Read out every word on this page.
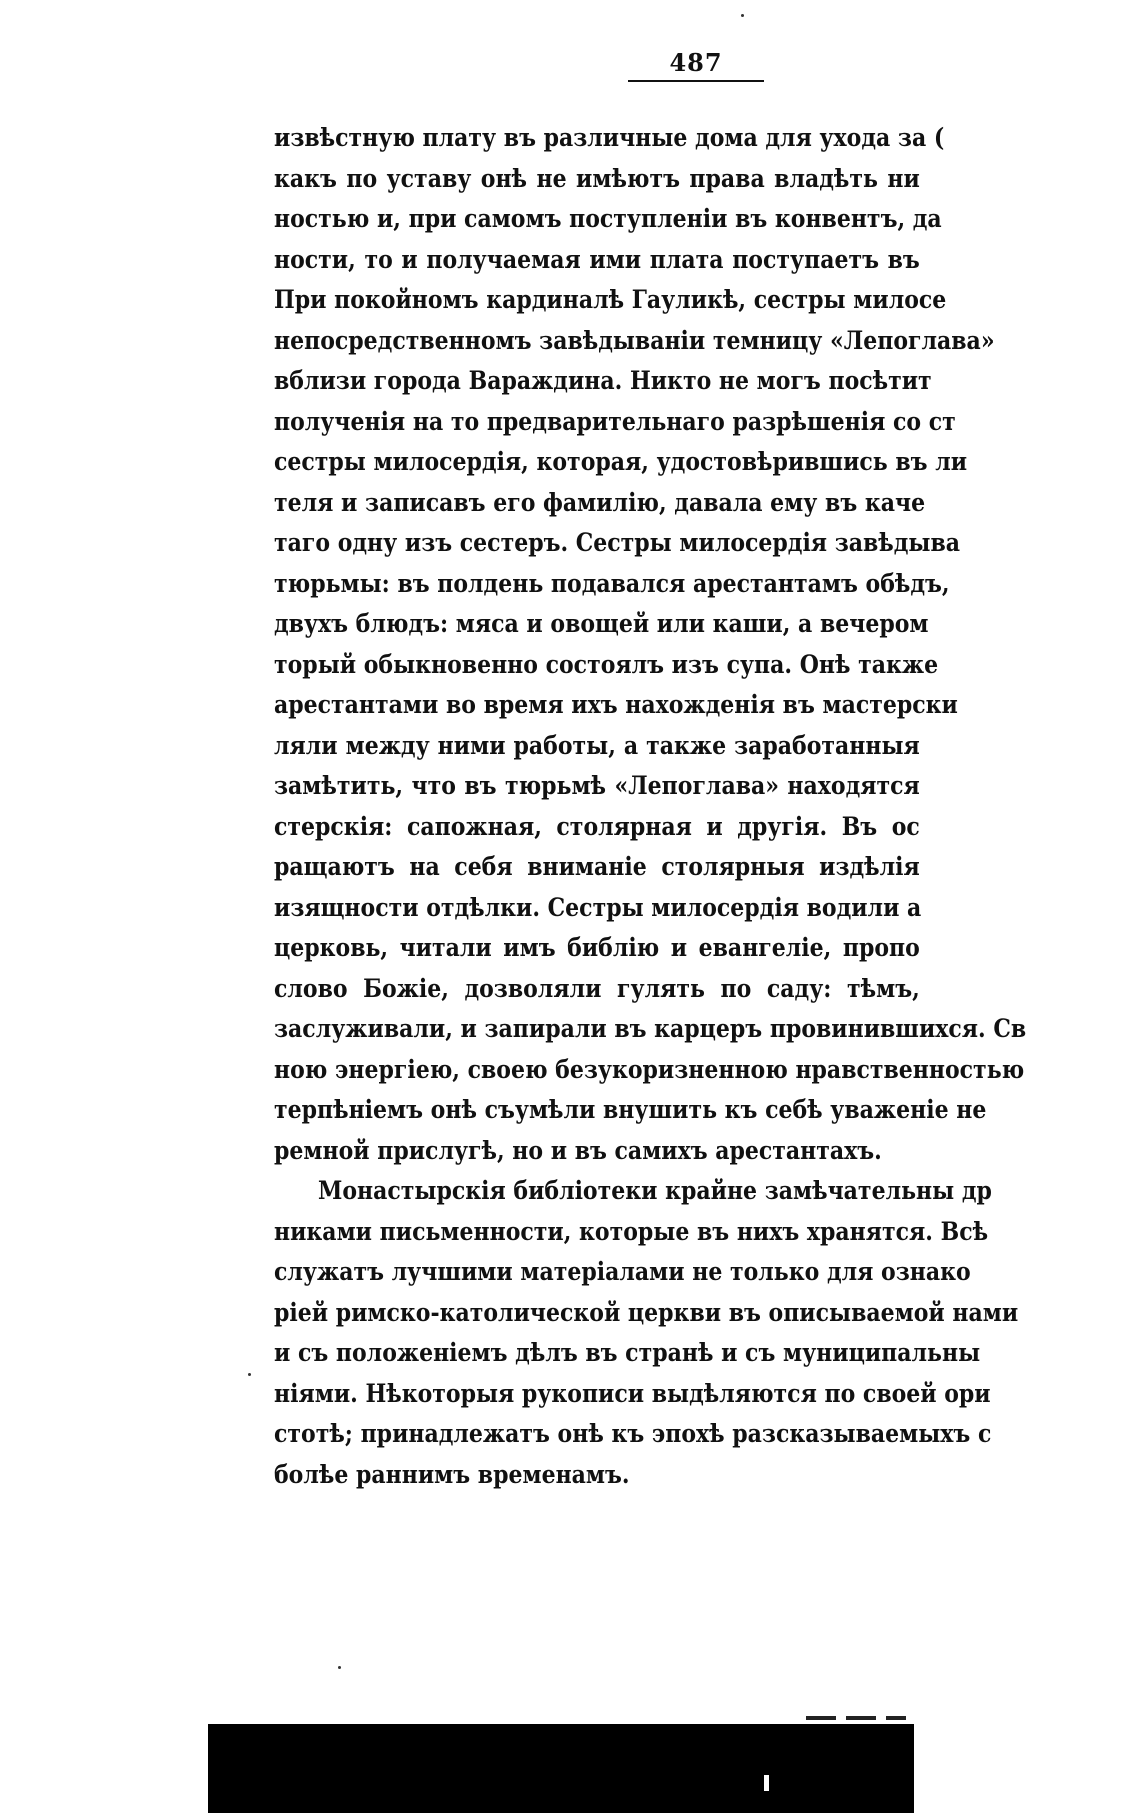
487
извѣстную плату въ различные дома для ухода за (
какъ по уставу онѣ не имѣютъ права владѣть ни
ностью и, при самомъ поступленіи въ конвентъ, да
ности, то и получаемая ими плата поступаетъ въ
При покойномъ кардиналѣ Гауликѣ, сестры милосе
непосредственномъ завѣдываніи темницу «Лепоглава»
вблизи города Вараждина. Никто не могъ посѣтит
полученія на то предварительнаго разрѣшенія со ст
сестры милосердія, которая, удостовѣрившись въ ли
теля и записавъ его фамилію, давала ему въ каче
таго одну изъ сестеръ. Сестры милосердія завѣдыва
тюрьмы: въ полдень подавался арестантамъ обѣдъ,
двухъ блюдъ: мяса и овощей или каши, а вечером
торый обыкновенно состоялъ изъ супа. Онѣ также
арестантами во время ихъ нахожденія въ мастерски
ляли между ними работы, а также заработанныя
замѣтить, что въ тюрьмѣ «Лепоглава» находятся
стерскія: сапожная, столярная и другія. Въ ос
ращаютъ на себя вниманіе столярныя издѣлія
изящности отдѣлки. Сестры милосердія водили а
церковь, читали имъ библію и евангеліе, пропо
слово Божіе, дозволяли гулять по саду: тѣмъ,
заслуживали, и запирали въ карцеръ провинившихся. Св
ною энергіею, своею безукоризненною нравственностью
терпѣніемъ онѣ съумѣли внушить къ себѣ уваженіе не
ремной прислугѣ, но и въ самихъ арестантахъ.
Монастырскія библіотеки крайне замѣчательны др
никами письменности, которые въ нихъ хранятся. Всѣ
служатъ лучшими матеріалами не только для ознако
ріей римско-католической церкви въ описываемой нами
и съ положеніемъ дѣлъ въ странѣ и съ муниципальны
ніями. Нѣкоторыя рукописи выдѣляются по своей ори
стотѣ; принадлежатъ онѣ къ эпохѣ разсказываемыхъ с
болѣе раннимъ временамъ.
